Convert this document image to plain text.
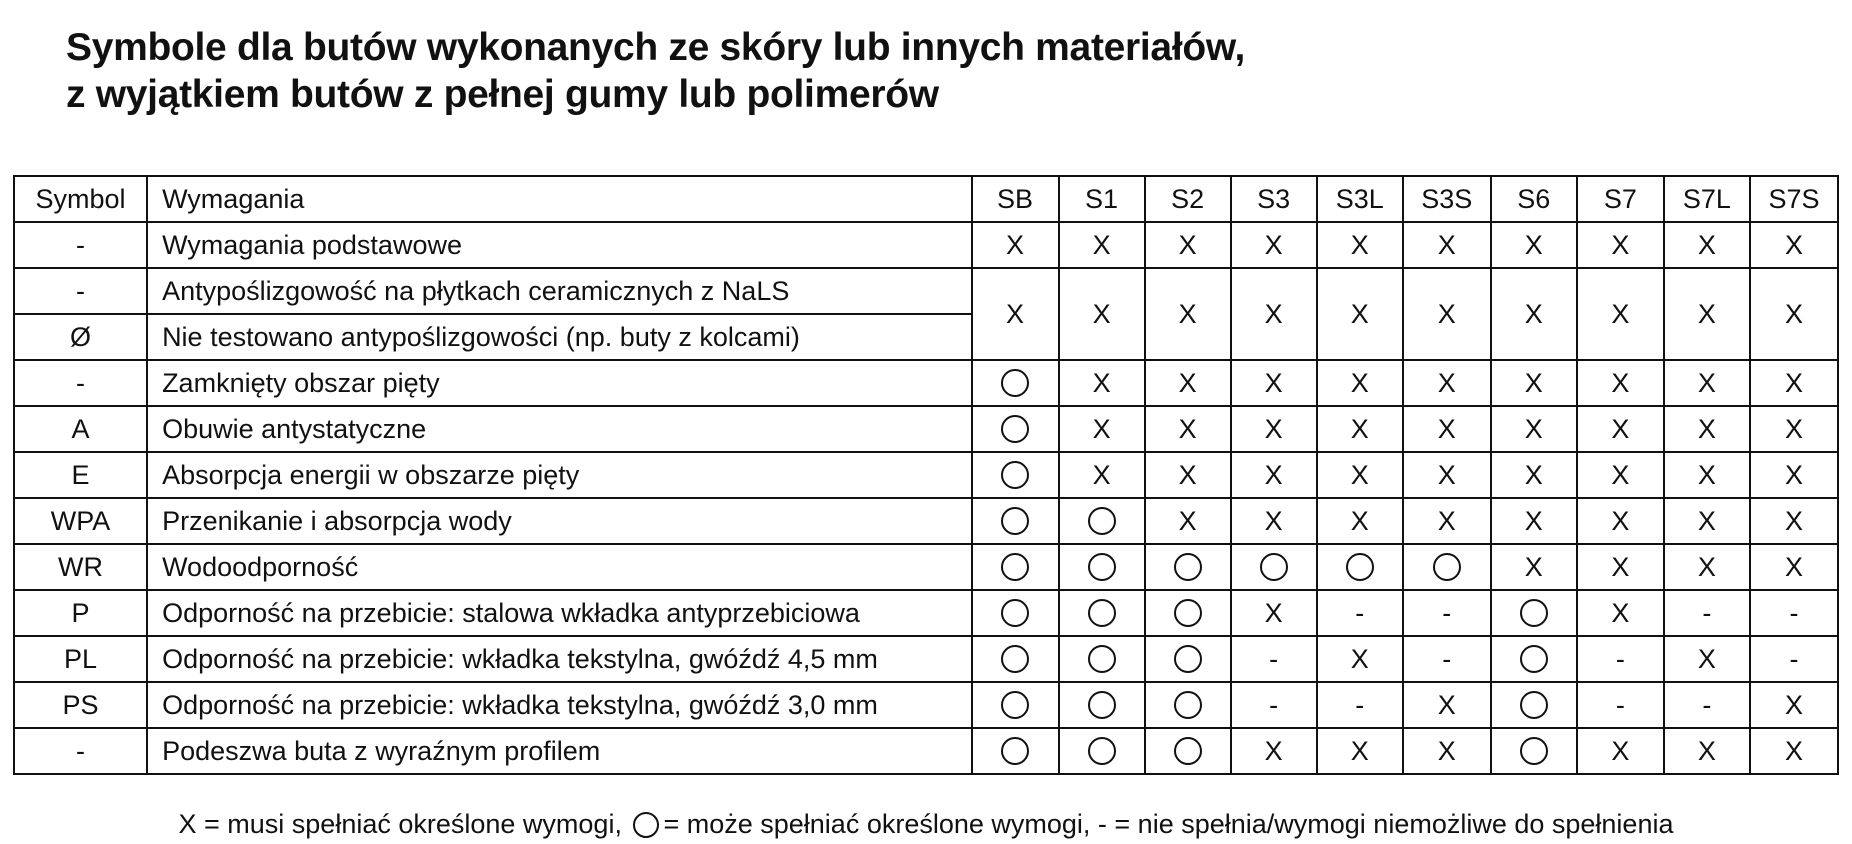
Symbole dla butów wykonanych ze skóry lub innych materiałów,
z wyjątkiem butów z pełnej gumy lub polimerów
Symbol	Wymagania	SB	S1	S2	S3	S3L	S3S	S6	S7	S7L	S7S
-	Wymagania podstawowe	X	X	X	X	X	X	X	X	X	X
-	Antypoślizgowość na płytkach ceramicznych z NaLS	X	X	X	X	X	X	X	X	X	X
Ø	Nie testowano antypoślizgowości (np. buty z kolcami)										
-	Zamknięty obszar pięty		X	X	X	X	X	X	X	X	X
A	Obuwie antystatyczne		X	X	X	X	X	X	X	X	X
E	Absorpcja energii w obszarze pięty		X	X	X	X	X	X	X	X	X
WPA	Przenikanie i absorpcja wody			X	X	X	X	X	X	X	X
WR	Wodoodporność							X	X	X	X
P	Odporność na przebicie: stalowa wkładka antyprzebiciowa				X	-	-		X	-	-
PL	Odporność na przebicie: wkładka tekstylna, gwóźdź 4,5 mm				-	X	-		-	X	-
PS	Odporność na przebicie: wkładka tekstylna, gwóźdź 3,0 mm				-	-	X		-	-	X
-	Podeszwa buta z wyraźnym profilem				X	X	X		X	X	X
X = musi spełniać określone wymogi, = może spełniać określone wymogi, - = nie spełnia/wymogi niemożliwe do spełnienia
